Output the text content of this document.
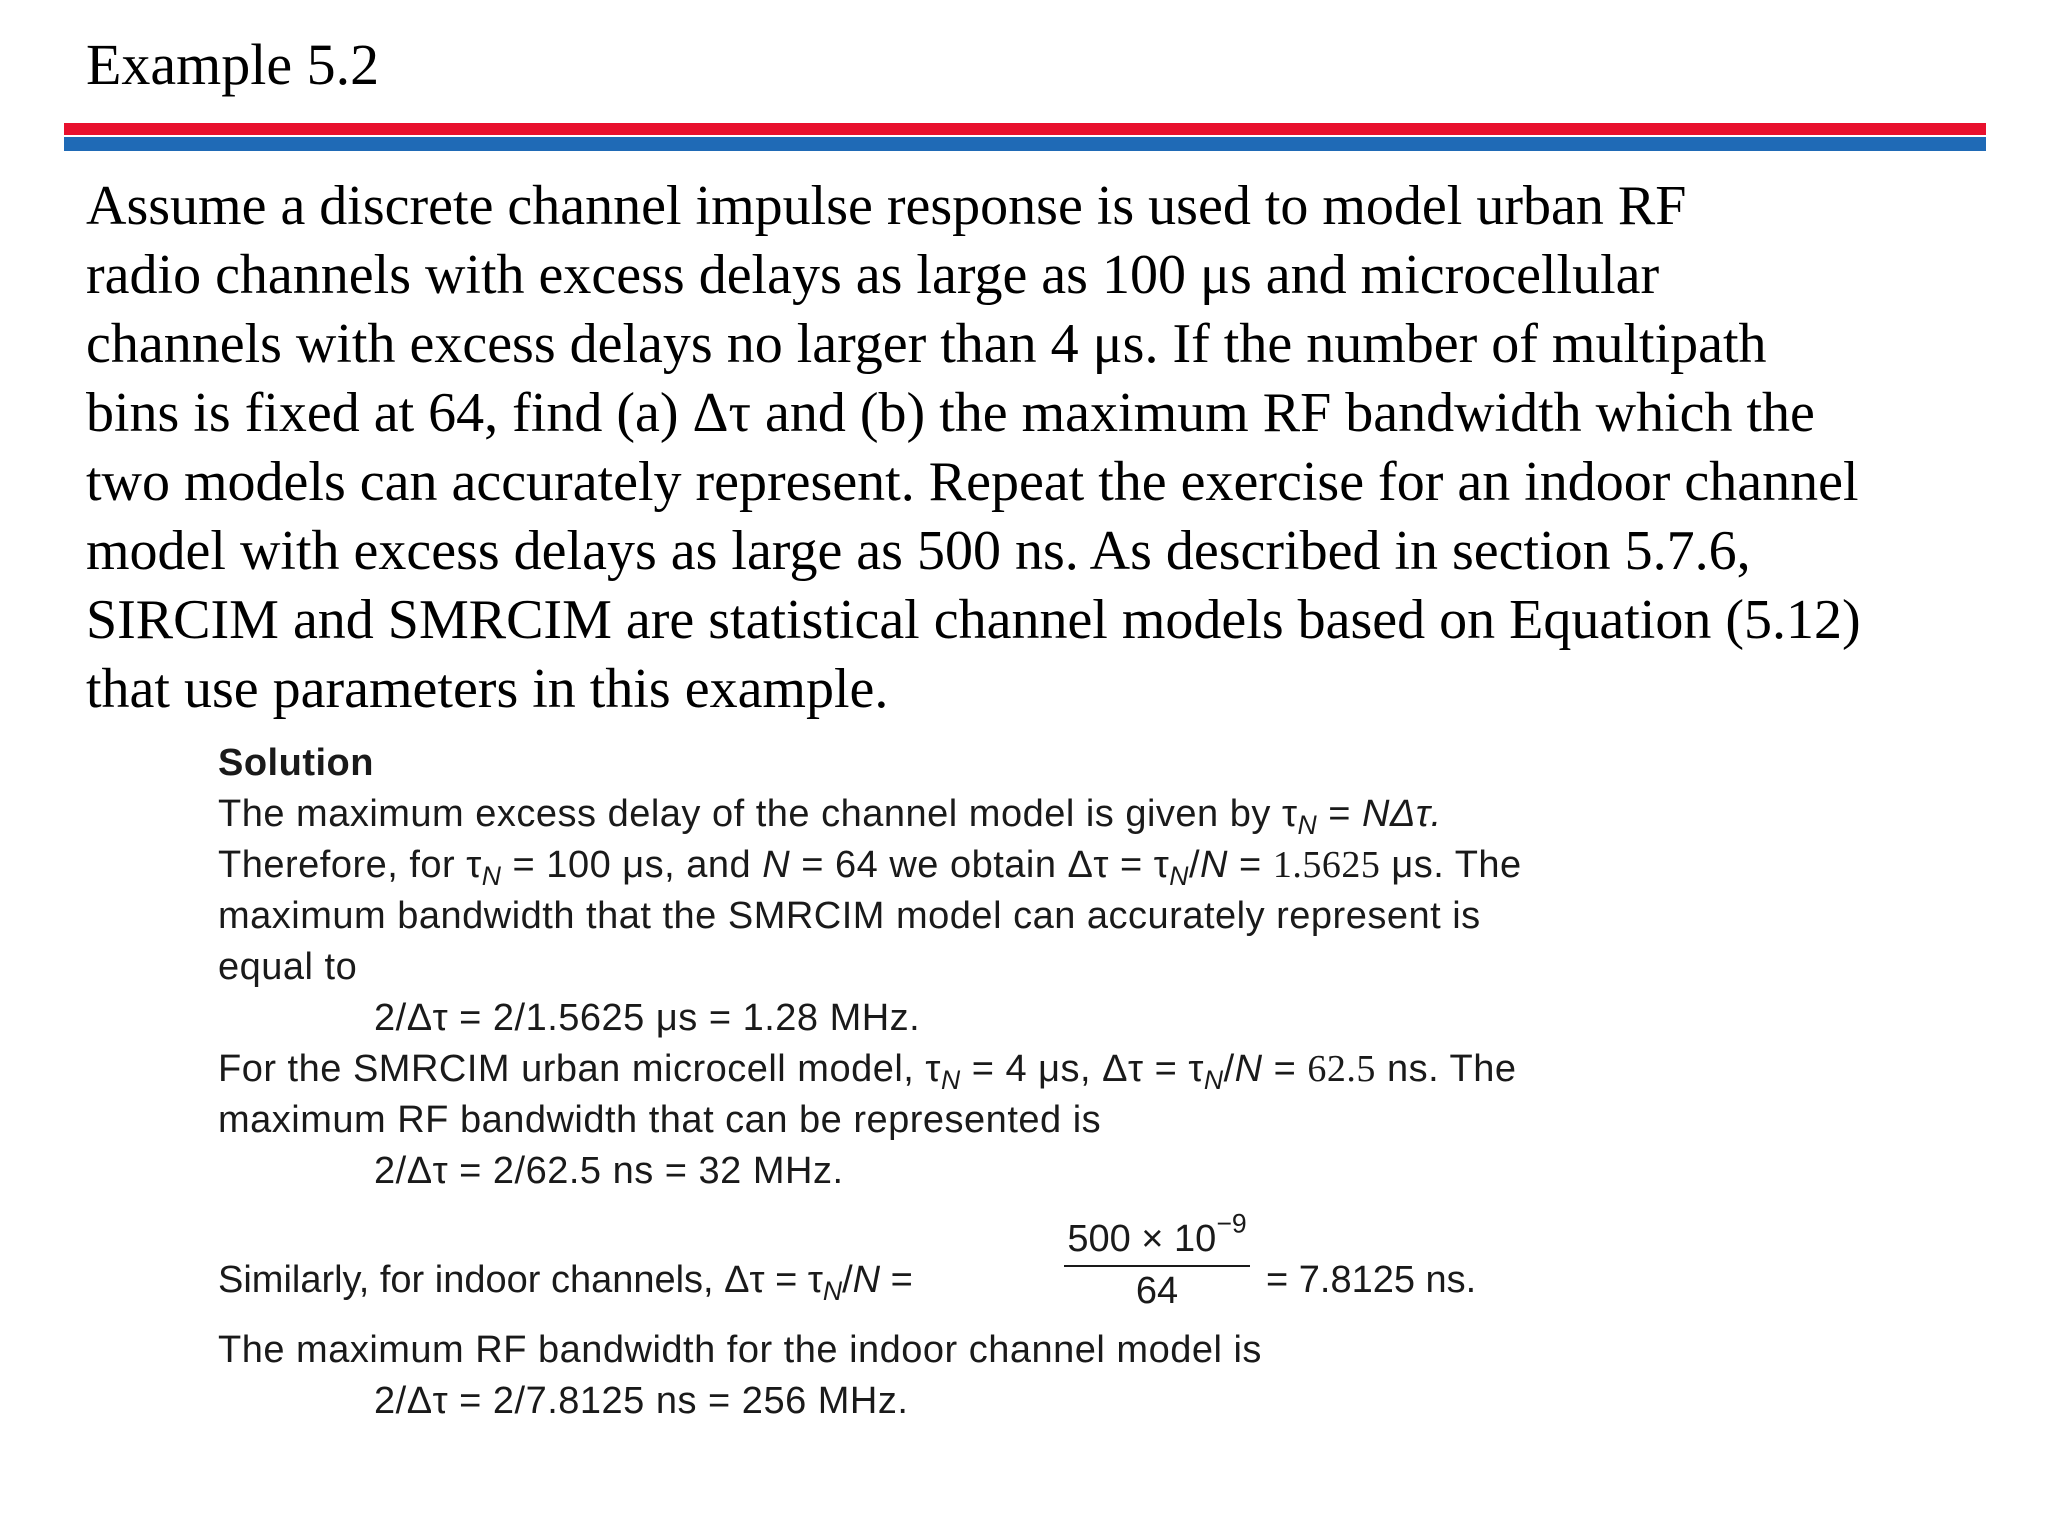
Example 5.2
Assume a discrete channel impulse response is used to model urban RF
radio channels with excess delays as large as 100 μs and microcellular
channels with excess delays no larger than 4 μs. If the number of multipath
bins is fixed at 64, find (a) Δτ and (b) the maximum RF bandwidth which the
two models can accurately represent. Repeat the exercise for an indoor channel
model with excess delays as large as 500 ns. As described in section 5.7.6,
SIRCIM and SMRCIM are statistical channel models based on Equation (5.12)
that use parameters in this example.
Solution
The maximum excess delay of the channel model is given by $\tau_N = N\Delta\tau$.
Therefore, for $\tau_N = 100$ μs, and N = 64 we obtain $\Delta\tau = \tau_N/N = 1.5625$ μs. The
maximum bandwidth that the SMRCIM model can accurately represent is
equal to
2/Δτ = 2/1.5625 μs = 1.28 MHz.
For the SMRCIM urban microcell model, $\tau_N = 4$ μs, $\Delta\tau = \tau_N/N = 62.5$ ns. The
maximum RF bandwidth that can be represented is
2/Δτ = 2/62.5 ns = 32 MHz.
Similarly, for indoor channels, $\Delta\tau = \tau_N/N$ =	$\frac{500 \times 10^{-9}}{64} = 7.8125$ ns.
The maximum RF bandwidth for the indoor channel model is
2/Δτ = 2/7.8125 ns = 256 MHz.
